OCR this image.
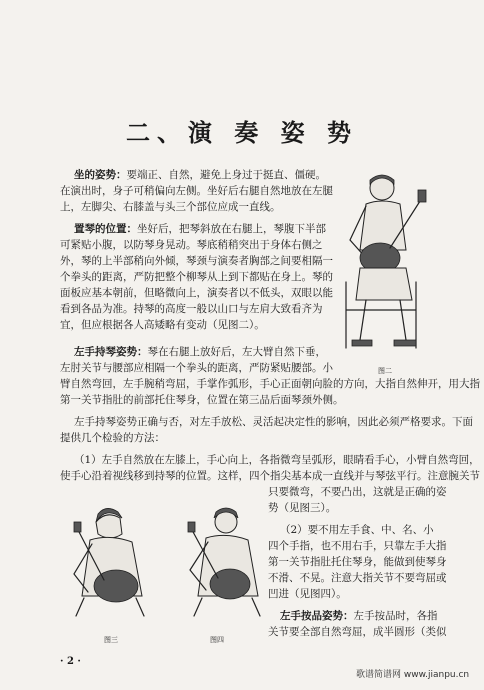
二、演 奏 姿 势
坐的姿势：要端正、自然，避免上身过于挺直、僵硬。
在演出时，身子可稍偏向左侧。坐好后右腿自然地放在左腿
上，左脚尖、右膝盖与头三个部位应成一直线。
置琴的位置：坐好后，把琴斜放在右腿上，琴腹下半部
可紧贴小腹，以防琴身晃动。琴底稍稍突出于身体右侧之
外，琴的上半部稍向外倾，琴颈与演奏者胸部之间要相隔一
个拳头的距离，严防把整个柳琴从上到下都贴在身上。琴的
面板应基本朝前，但略微向上，演奏者以不低头，双眼以能
看到各品为准。持琴的高度一般以山口与左肩大致看齐为
宜，但应根据各人高矮略有变动（见图二）。
图二
左手持琴姿势：琴在右腿上放好后，左大臂自然下垂，
左肘关节与腰部应相隔一个拳头的距离，严防紧贴腰部。小
臂自然弯回，左手腕稍弯屈，手掌作弧形，手心正面朝向脸的方向，大指自然伸开，用大指
第一关节指肚的前部托住琴身，位置在第三品后面琴颈外侧。
左手持琴姿势正确与否，对左手放松、灵活起决定性的影响，因此必须严格要求。下面
提供几个检验的方法：
（1）左手自然放在左膝上，手心向上，各指微弯呈弧形，眼睛看手心，小臂自然弯回，
使手心沿着视线移到持琴的位置。这样，四个指尖基本成一直线并与琴弦平行。注意腕关节
只要微弯，不要凸出，这就是正确的姿
势（见图三）。
（2）要不用左手食、中、名、小
四个手指，也不用右手，只靠左手大指
第一关节指肚托住琴身，能做到使琴身
不滑、不晃。注意大指关节不要弯屈或
凹进（见图四）。
图三	图四
左手按品姿势：左手按品时，各指
关节要全部自然弯屈，成半圆形（类似
· 2 ·
歌谱简谱网 www.jianpu.cn
